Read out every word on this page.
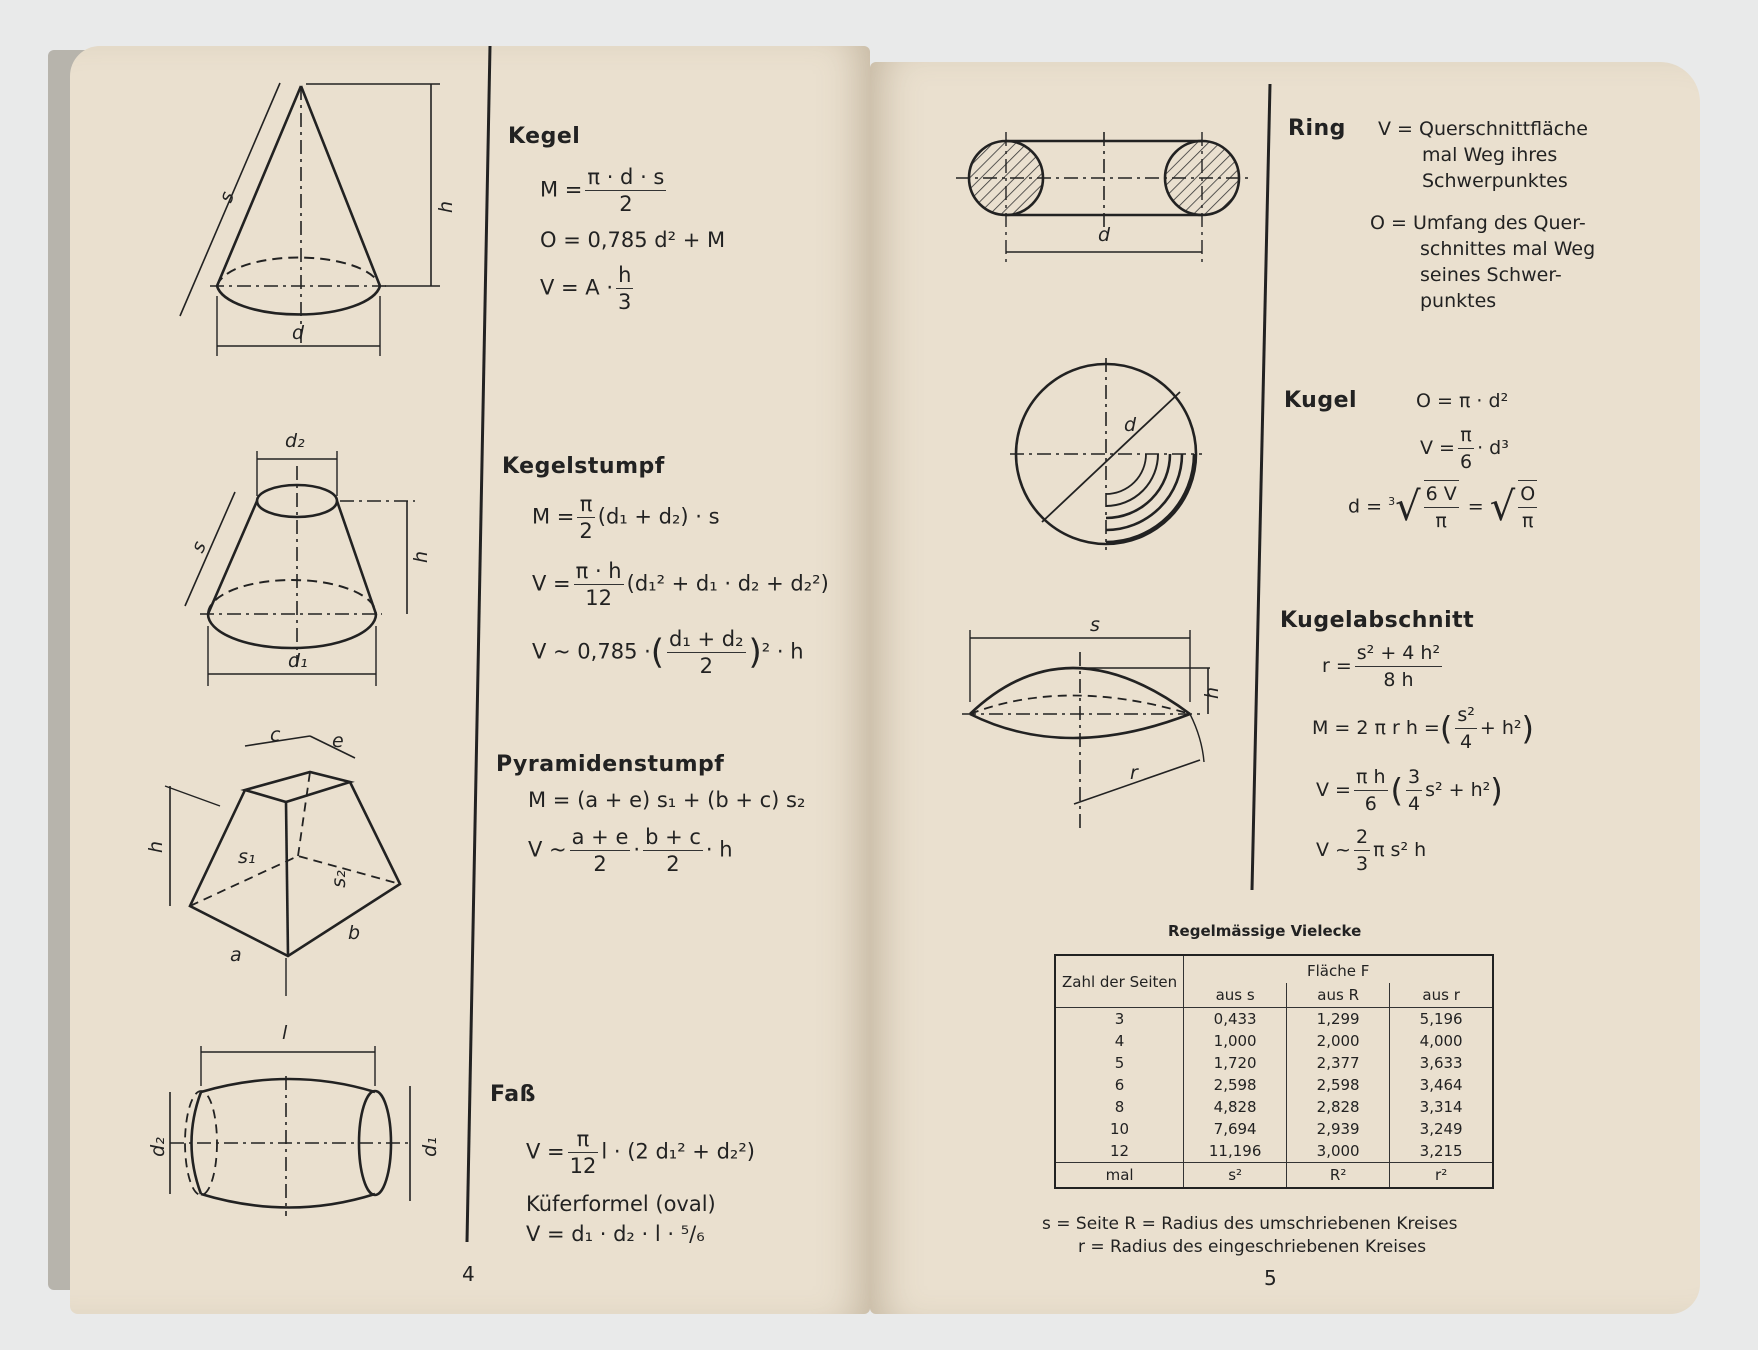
s
h
d
d₂
s
h
d₁
c	e
h	s₁
s₂
a
b
l
d₂	d₁
Kegel
$M = \frac{\pi \cdot d \cdot s}{2}$
O = 0,785 d² + M
$V = A \cdot \frac{h}{3}$
Kegelstumpf
$M = \frac{\pi}{2} (d_1 + d_2) \cdot s$
$V = \frac{\pi \cdot h}{12} (d_1^2 + d_1 \cdot d_2 + d_2^2)$
V ~ 0,785 ·( $\frac{\text{d₁ + d₂}}{2} )^2 \cdot h$
Pyramidenstumpf
M = (a + e) s₁ + (b + c) s₂
V ~ $\frac{a + e}{2} \cdot \frac{b + c}{2} \cdot h$
Faß
$V = \frac{\pi}{12}$ l · (2 d₁² + d₂²)
Küferformel (oval)
V = d₁ · d₂ · l · ⁵/₆
4
d
d
s
h
r
Ring V = Querschnittfläche
mal Weg ihres
Schwerpunktes
O = Umfang des Quer-
schnittes mal Weg
seines Schwer-
punktes
Kugel	O = π · d²
$V = \frac{\pi}{6} \cdot d^3$
$d = ^3√ \frac{6 V}{\pi}$ = √ $\frac{O}{\pi}$
Kugelabschnitt
$r = \frac{\text{s² + 4 h²}}{8 h}$
M = 2 π r h =( $\frac{\text{s²}}{4} + h^2$)
$V = \frac{\text{π h}}{6}$ ( $\frac{3}{4} s^2 + h^2$)
V ~ $\frac{2}{3}$ π s² h
Regelmässige Vielecke
Zahl der Seiten	Fläche F		
	aus s	aus R	aus r
3	0,433	1,299	5,196
4	1,000	2,000	4,000
5	1,720	2,377	3,633
6	2,598	2,598	3,464
8	4,828	2,828	3,314
10	7,694	2,939	3,249
12	11,196	3,000	3,215
mal	s²	R²	r²
s = Seite R = Radius des umschriebenen Kreises
r = Radius des eingeschriebenen Kreises
5
